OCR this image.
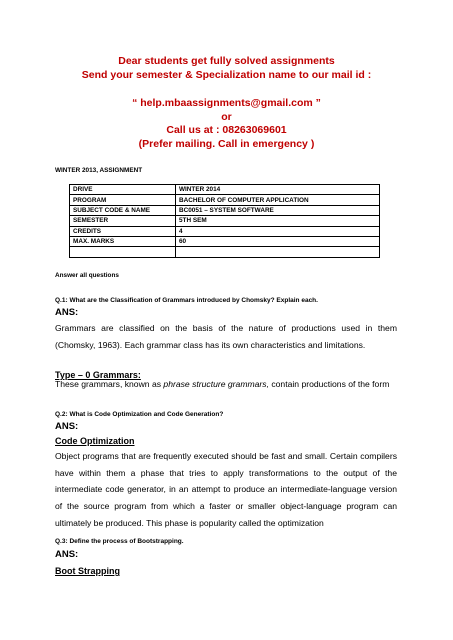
Dear students get fully solved assignments
Send your semester & Specialization name to our mail id :
“ help.mbaassignments@gmail.com ”
or
Call us at : 08263069601
(Prefer mailing. Call in emergency )
WINTER 2013, ASSIGNMENT
DRIVE	WINTER 2014
PROGRAM	BACHELOR OF COMPUTER APPLICATION
SUBJECT CODE & NAME	BC0051 – SYSTEM SOFTWARE
SEMESTER	5TH SEM
CREDITS	4
MAX. MARKS	60

Answer all questions
Q.1: What are the Classification of Grammars introduced by Chomsky? Explain each.
ANS:
Grammars are classified on the basis of the nature of productions used in them (Chomsky, 1963). Each grammar class has its own characteristics and limitations.
Type – 0 Grammars:
These grammars, known as phrase structure grammars, contain productions of the form
Q.2: What is Code Optimization and Code Generation?
ANS:
Code Optimization
Object programs that are frequently executed should be fast and small. Certain compilers have within them a phase that tries to apply transformations to the output of the intermediate code generator, in an attempt to produce an intermediate-language version of the source program from which a faster or smaller object-language program can ultimately be produced. This phase is popularity called the optimization
Q.3: Define the process of Bootstrapping.
ANS:
Boot Strapping
